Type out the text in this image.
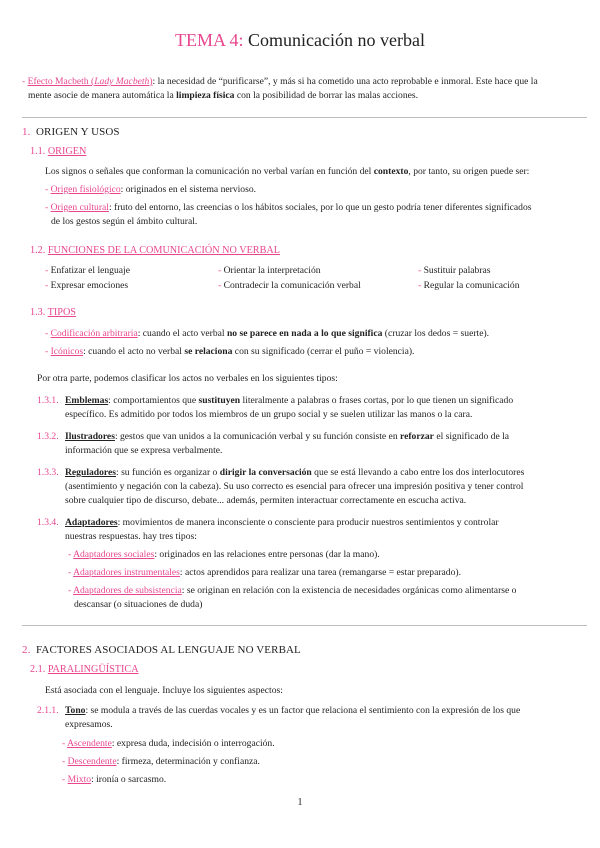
TEMA 4: Comunicación no verbal
- Efecto Macbeth (Lady Macbeth): la necesidad de “purificarse”, y más si ha cometido una acto reprobable e inmoral. Este hace que la
mente asocie de manera automática la limpieza física con la posibilidad de borrar las malas acciones.
1. ORIGEN Y USOS
1.1. ORIGEN
Los signos o señales que conforman la comunicación no verbal varían en función del contexto, por tanto, su origen puede ser:
- Origen fisiológico: originados en el sistema nervioso.
- Origen cultural: fruto del entorno, las creencias o los hábitos sociales, por lo que un gesto podría tener diferentes significados
de los gestos según el ámbito cultural.
1.2. FUNCIONES DE LA COMUNICACIÓN NO VERBAL
- Enfatizar el lenguaje	- Orientar la interpretación	- Sustituir palabras
- Expresar emociones	- Contradecir la comunicación verbal	- Regular la comunicación
1.3. TIPOS
- Codificación arbitraria: cuando el acto verbal no se parece en nada a lo que significa (cruzar los dedos = suerte).
- Icónicos: cuando el acto no verbal se relaciona con su significado (cerrar el puño = violencia).
Por otra parte, podemos clasificar los actos no verbales en los siguientes tipos:
1.3.1. Emblemas: comportamientos que sustituyen literalmente a palabras o frases cortas, por lo que tienen un significado
específico. Es admitido por todos los miembros de un grupo social y se suelen utilizar las manos o la cara.
1.3.2. Ilustradores: gestos que van unidos a la comunicación verbal y su función consiste en reforzar el significado de la
información que se expresa verbalmente.
1.3.3. Reguladores: su función es organizar o dirigir la conversación que se está llevando a cabo entre los dos interlocutores
(asentimiento y negación con la cabeza). Su uso correcto es esencial para ofrecer una impresión positiva y tener control
sobre cualquier tipo de discurso, debate... además, permiten interactuar correctamente en escucha activa.
1.3.4. Adaptadores: movimientos de manera inconsciente o consciente para producir nuestros sentimientos y controlar
nuestras respuestas. hay tres tipos:
- Adaptadores sociales: originados en las relaciones entre personas (dar la mano).
- Adaptadores instrumentales: actos aprendidos para realizar una tarea (remangarse = estar preparado).
- Adaptadores de subsistencia: se originan en relación con la existencia de necesidades orgánicas como alimentarse o
descansar (o situaciones de duda)
2. FACTORES ASOCIADOS AL LENGUAJE NO VERBAL
2.1. PARALINGÜÍSTICA
Está asociada con el lenguaje. Incluye los siguientes aspectos:
2.1.1. Tono: se modula a través de las cuerdas vocales y es un factor que relaciona el sentimiento con la expresión de los que
expresamos.
- Ascendente: expresa duda, indecisión o interrogación.
- Descendente: firmeza, determinación y confianza.
- Mixto: ironía o sarcasmo.
1
